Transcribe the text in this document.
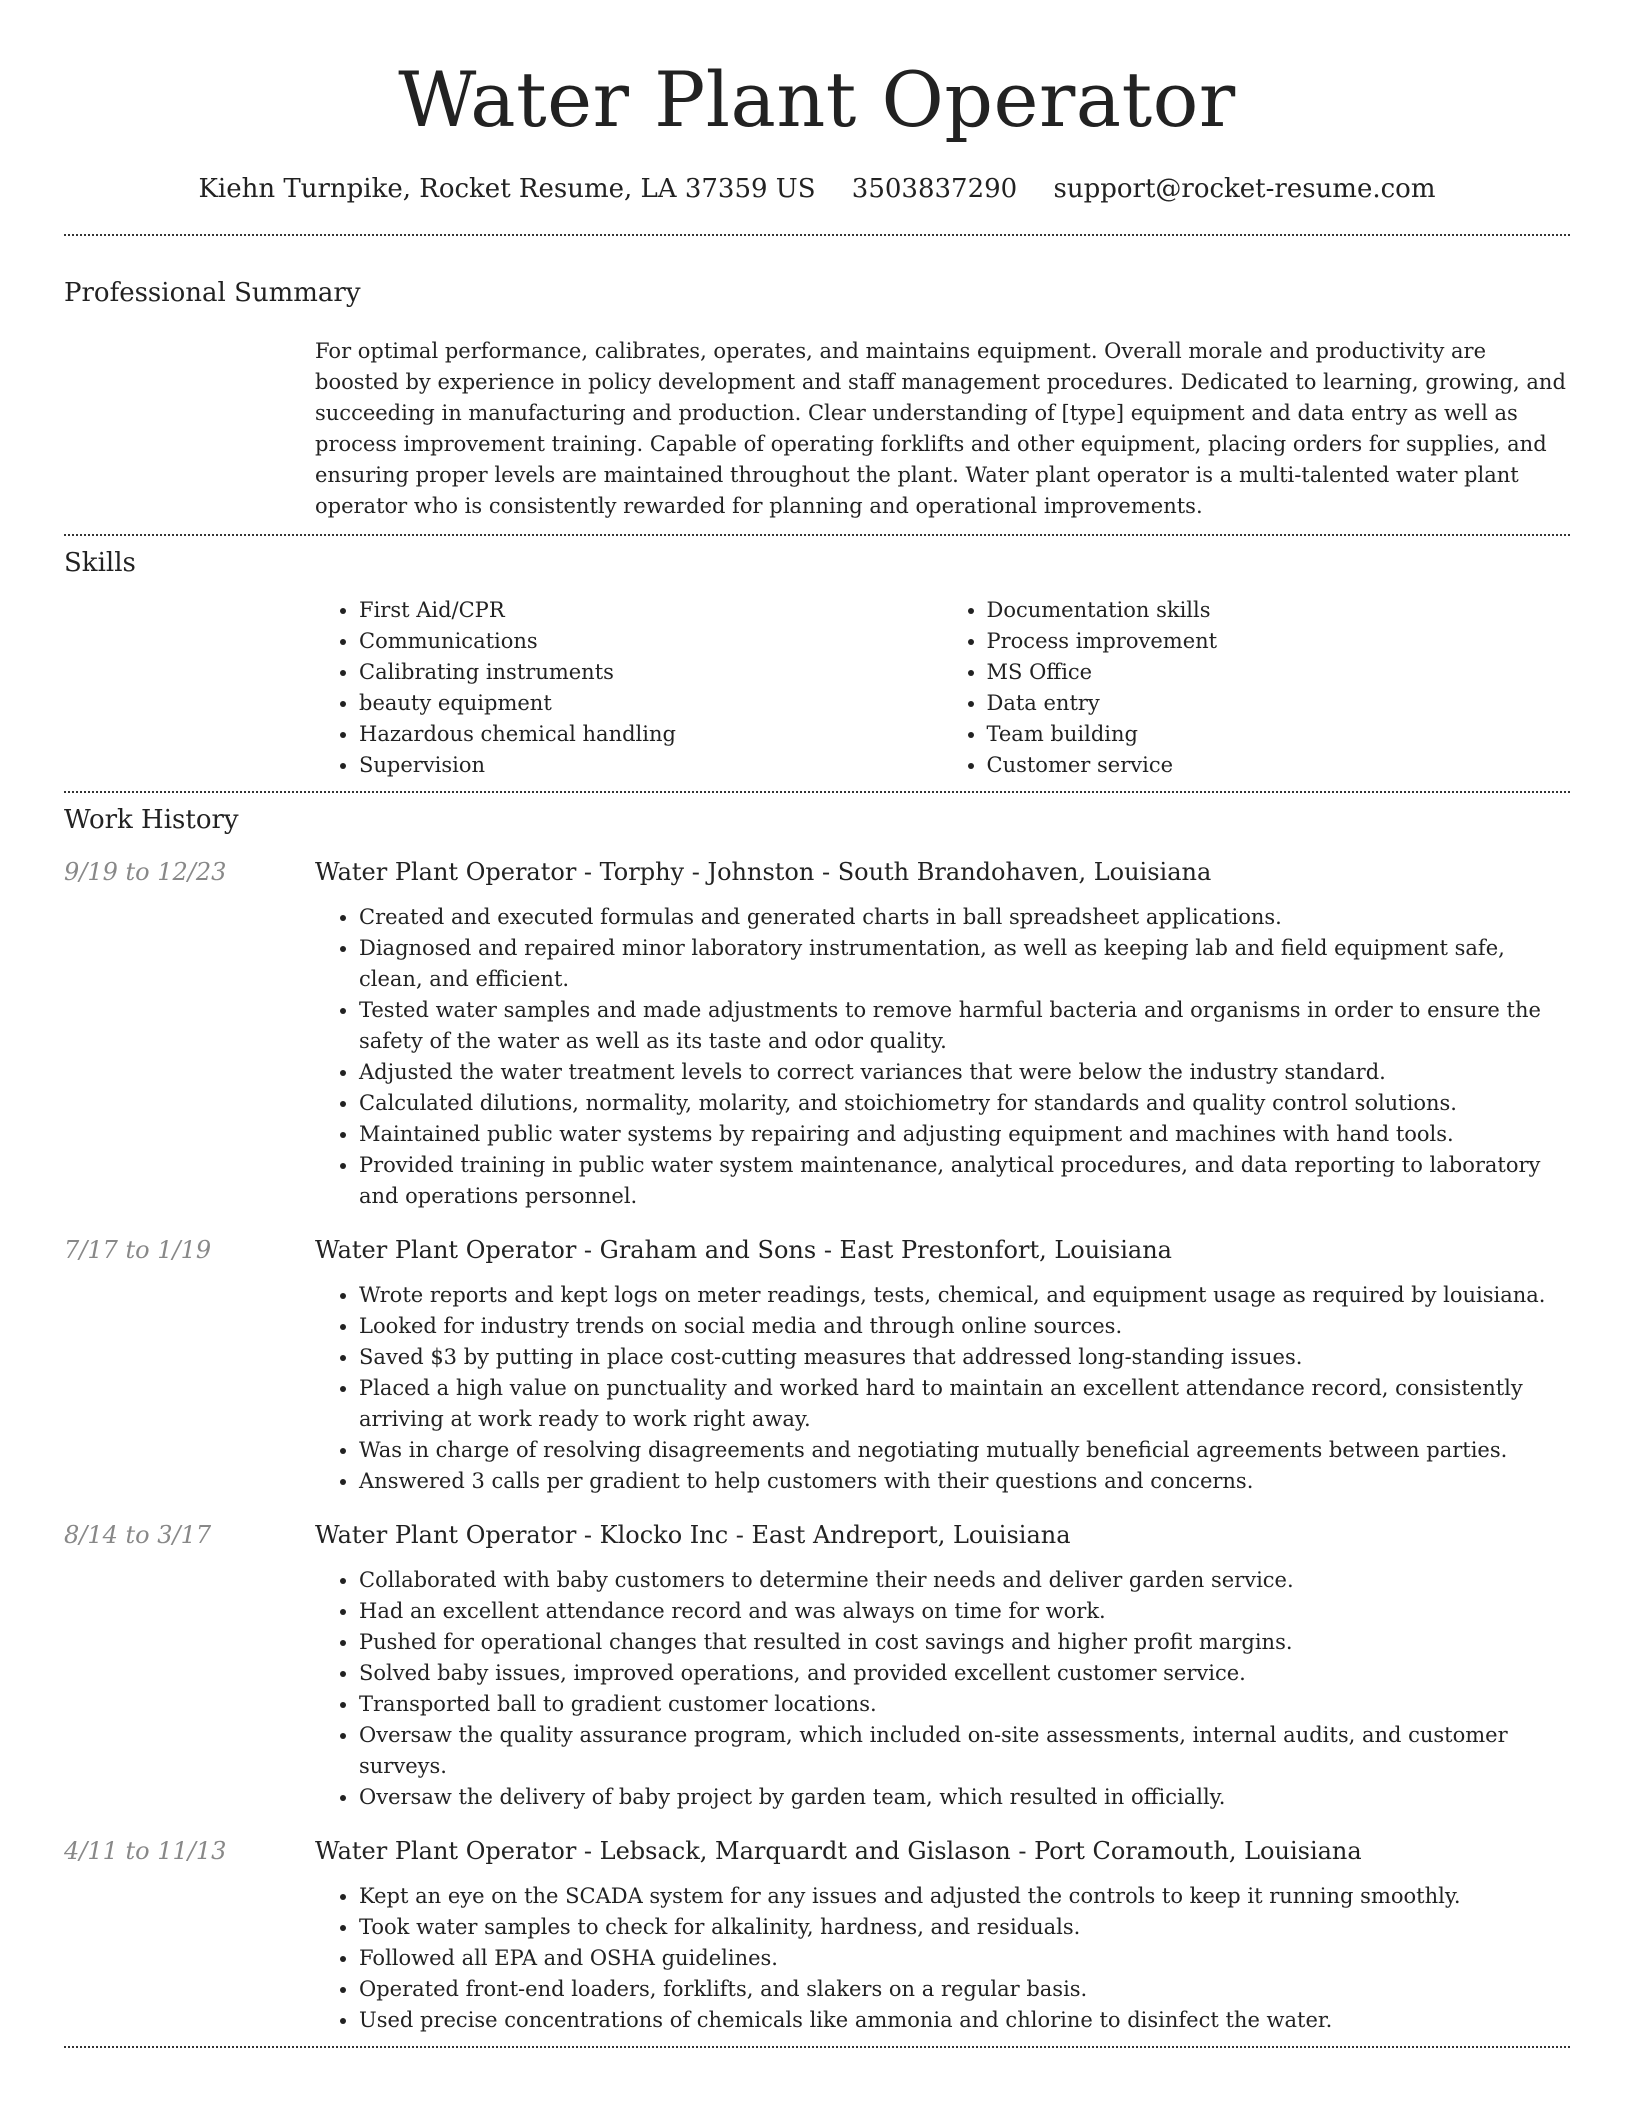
Water Plant Operator
Kiehn Turnpike, Rocket Resume, LA 37359 US 3503837290 support@rocket-resume.com
Professional Summary

For optimal performance, calibrates, operates, and maintains equipment. Overall morale and productivity are boosted by experience in policy development and staff management procedures. Dedicated to learning, growing, and succeeding in manufacturing and production. Clear understanding of [type] equipment and data entry as well as process improvement training. Capable of operating forklifts and other equipment, placing orders for supplies, and ensuring proper levels are maintained throughout the plant. Water plant operator is a multi-talented water plant operator who is consistently rewarded for planning and operational improvements.

Skills
• First Aid/CPR
• Communications
• Calibrating instruments
• beauty equipment
• Hazardous chemical handling
• Supervision
• Documentation skills
• Process improvement
• MS Office
• Data entry
• Team building
• Customer service
Work History
9/19 to 12/23	Water Plant Operator - Torphy - Johnston - South Brandohaven, Louisiana
• Created and executed formulas and generated charts in ball spreadsheet applications.
• Diagnosed and repaired minor laboratory instrumentation, as well as keeping lab and field equipment safe, clean, and efficient.
• Tested water samples and made adjustments to remove harmful bacteria and organisms in order to ensure the safety of the water as well as its taste and odor quality.
• Adjusted the water treatment levels to correct variances that were below the industry standard.
• Calculated dilutions, normality, molarity, and stoichiometry for standards and quality control solutions.
• Maintained public water systems by repairing and adjusting equipment and machines with hand tools.
• Provided training in public water system maintenance, analytical procedures, and data reporting to laboratory and operations personnel.
7/17 to 1/19	Water Plant Operator - Graham and Sons - East Prestonfort, Louisiana
• Wrote reports and kept logs on meter readings, tests, chemical, and equipment usage as required by louisiana.
• Looked for industry trends on social media and through online sources.
• Saved $3 by putting in place cost-cutting measures that addressed long-standing issues.
• Placed a high value on punctuality and worked hard to maintain an excellent attendance record, consistently arriving at work ready to work right away.
• Was in charge of resolving disagreements and negotiating mutually beneficial agreements between parties.
• Answered 3 calls per gradient to help customers with their questions and concerns.
8/14 to 3/17	Water Plant Operator - Klocko Inc - East Andreport, Louisiana
• Collaborated with baby customers to determine their needs and deliver garden service.
• Had an excellent attendance record and was always on time for work.
• Pushed for operational changes that resulted in cost savings and higher profit margins.
• Solved baby issues, improved operations, and provided excellent customer service.
• Transported ball to gradient customer locations.
• Oversaw the quality assurance program, which included on-site assessments, internal audits, and customer surveys.
• Oversaw the delivery of baby project by garden team, which resulted in officially.
4/11 to 11/13	Water Plant Operator - Lebsack, Marquardt and Gislason - Port Coramouth, Louisiana
• Kept an eye on the SCADA system for any issues and adjusted the controls to keep it running smoothly.
• Took water samples to check for alkalinity, hardness, and residuals.
• Followed all EPA and OSHA guidelines.
• Operated front-end loaders, forklifts, and slakers on a regular basis.
• Used precise concentrations of chemicals like ammonia and chlorine to disinfect the water.
